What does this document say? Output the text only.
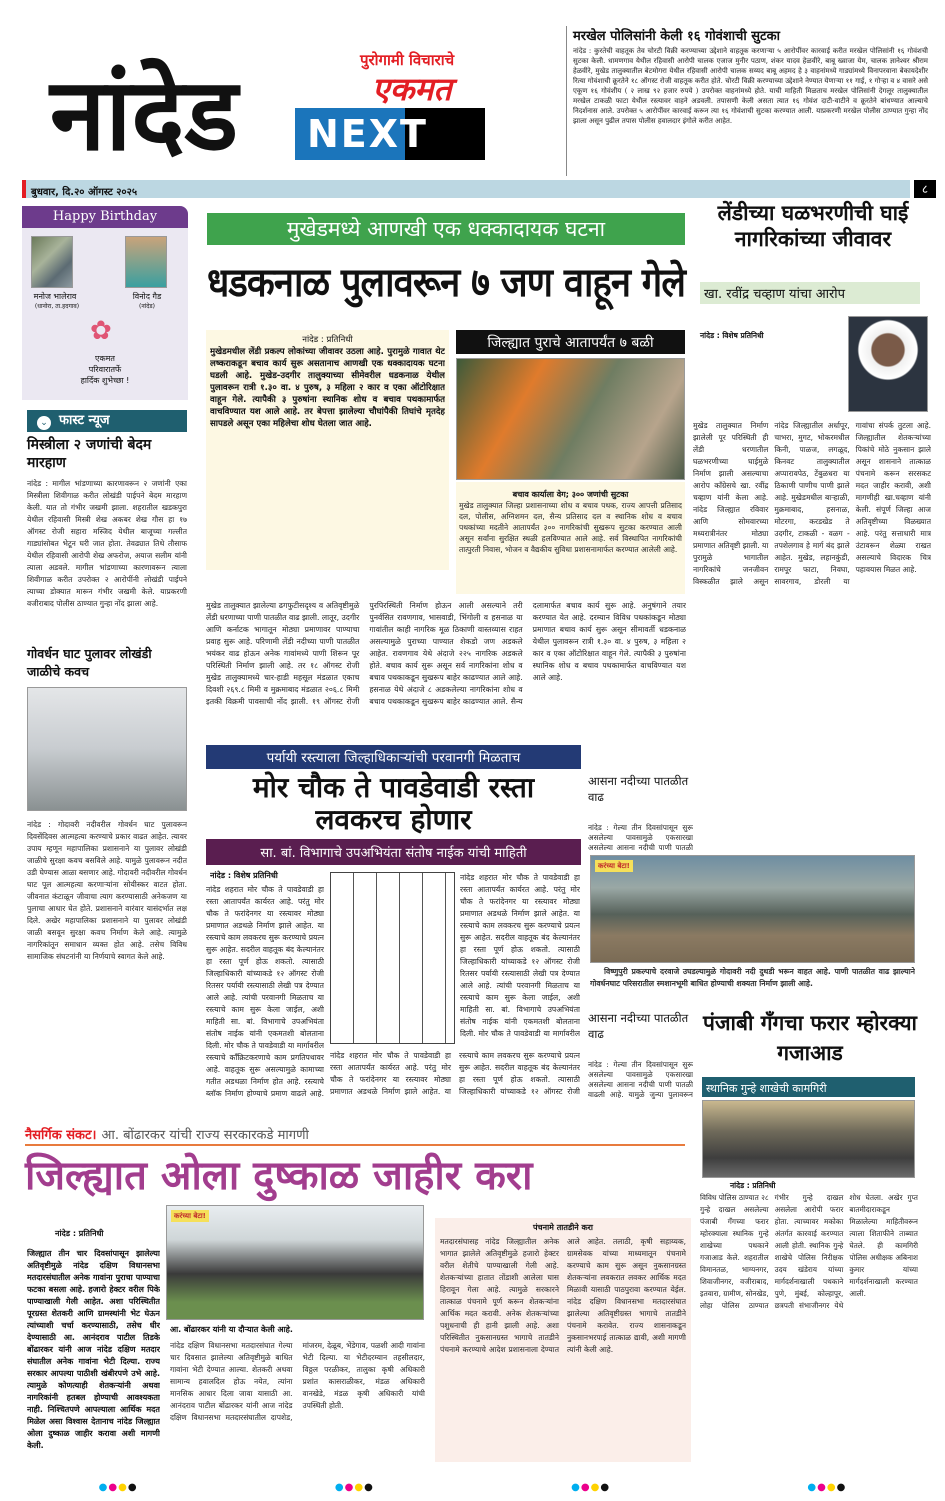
नांदेड	पुरोगामी विचाराचे
एकमत
NEXT
मरखेल पोलिसांनी केली १६ गोवंशाची सुटका
नांदेड : कुरतेची वाहतूक तेव चोरटी विक्री करण्याच्या उद्देशाने वाहतूक करणाऱ्या ५ आरोपींवर कारवाई करीत मरखेल पोलिसांनी १६ गोवंशची सुटका केली. धामणगाव येथील रहिवासी आरोपी चालक एजाज मुनीर पठाण, शंकर यादव हेळवीरे, बाबू ख्वाजा येम, चालक ज्ञानेश्वर श्रीराम हेळवीरे, मुखेड तालुक्यातील बेटमोगरा येथील रहिवासी आरोपी चालक सय्यद बाबू अहमद हे ३ वाहनांमध्ये गाड्यांमध्ये विनापरवाना बेकायदेशीर रित्या गोवंशाची क्रूरतेने १८ ऑगस्ट रोजी वाहतूक करीत होते. चोरटी विक्री करण्याच्या उद्देशाने नेण्यात येणाऱ्या ११ गाई, १ गोऱ्हा व ४ वासरे असे एकूण १६ गोवंशीय ( २ लाख ९२ हजार रुपये ) उपरोक्त वाहनांमध्ये होते. याची माहिती मिळताच मरखेल पोलिसांनी देगलूर तालुक्यातील मरखेल टाकळी फाटा येथील रस्त्यावर वाहने अडवली. तपासणी केली असता त्यात १६ गोवंश दाटी-वाटीने व क्रूरतेने बांधण्यात आल्याचे निदर्शनास आले. उपरोक्त ५ आरोपींवर कारवाई करून त्या १६ गोवंशाची सुटका करण्यात आली. याप्रकरणी मरखेल पोलीस ठाण्यात गुन्हा नोंद झाला असून पुढील तपास पोलीस हवालदार इंगोले करीत आहेत.
बुधवार, दि.२० ऑगस्ट २०२५	८
Happy Birthday
मनोज भालेराव
(धानोरा, ता.हदगाव)
विनोद गैड
(नांदेड)
✿
एकमत
परिवारातर्फे
हार्दिक शुभेच्छा !
⌄ $^{फास्ट न्यूज}$
मिस्त्रीला २ जणांची बेदम मारहाण
नांदेड : मागील भांडणाच्या कारणावरून २ जणांनी एका मिस्त्रीला शिवीगाळ करीत लोखंडी पाईपने बेदम मारहाण केली. यात तो गंभीर जखमी झाला. शहरातील खडकपुरा येथील रहिवासी मिस्त्री शेख अकबर शेख गौस हा १७ ऑगस्ट रोजी सहारा मस्जिद येथील बाजूच्या गल्लीत गाड्यांसोबत भेटून घरी जात होता. तेवढ्यात तिथे तौसाफ येथील रहिवासी आरोपी शेख अफरोज, अयाज सलीम यांनी त्याला अडवले. मागील भांडणाच्या कारणावरून त्याला शिवीगाळ करीत उपरोक्त २ आरोपींनी लोखंडी पाईपने त्याच्या डोक्यात मारून गंभीर जखमी केले. याप्रकरणी वजीराबाद पोलीस ठाण्यात गुन्हा नोंद झाला आहे.
गोवर्धन घाट पुलावर लोखंडी जाळीचे कवच
नांदेड : गोदावरी नदीवरील गोवर्धन घाट पुलावरून दिवसेंदिवस आत्महत्या करण्याचे प्रकार वाढत आहेत. त्यावर उपाय म्हणून महापालिका प्रशासनाने या पुलावर लोखंडी जाळीचे सुरक्षा कवच बसविले आहे. यामुळे पुलावरून नदीत उडी घेण्यास आळा बसणार आहे. गोदावरी नदीवरील गोवर्धन घाट पूल आत्महत्या करणाऱ्यांना सोयीस्कर वाटत होता. जीवनात कंटाळून जीवाचा त्याग करण्यासाठी अनेकजण या पुलाचा आधार घेत होते. प्रशासनाने वारंवार यासंदर्भात लक्ष दिले. अखेर महापालिका प्रशासनाने या पुलावर लोखंडी जाळी बसवून सुरक्षा कवच निर्माण केले आहे. त्यामुळे नागरिकांतून समाधान व्यक्त होत आहे. तसेच विविध सामाजिक संघटनांनी या निर्णयाचे स्वागत केले आहे.
मुखेडमध्ये आणखी एक धक्कादायक घटना
धडकनाळ पुलावरून ७ जण वाहून गेले
नांदेड : प्रतिनिधी
मुखेडमधील लेंडी प्रकल्प लोकांच्या जीवावर उठला आहे. पुरामुळे गावात थेट लष्कराकडून बचाव कार्य सुरू असतानाच आणखी एक धक्कादायक घटना घडली आहे. मुखेड-उदगीर तालुक्याच्या सीमेवरील धडकनाळ येथील पुलावरून रात्री १.३० वा. ४ पुरुष, ३ महिला २ कार व एका ऑटोरिक्षात वाहून गेले. त्यापैकी ३ पुरुषांना स्थानिक शोध व बचाव पथकामार्फत वाचविण्यात यश आले आहे. तर बेपत्ता झालेल्या चौघांपैकी तिघांचे मृतदेह सापडले असून एका महिलेचा शोध घेतला जात आहे.
जिल्ह्यात पुराचे आतापर्यंत ७ बळी
बचाव कार्याला वेग; ३०० जणांची सुटका
मुखेड तालुक्यात जिल्हा प्रशासनाच्या शोध व बचाव पथक, राज्य आपत्ती प्रतिसाद दल, पोलीस, अग्निशमन दल, सैन्य प्रतिसाद दल व स्थानिक शोध व बचाव पथकांच्या मदतीने आतापर्यंत ३०० नागरिकांची सुखरूप सुटका करण्यात आली असून सर्वांना सुरक्षित स्थळी हलविण्यात आले आहे. सर्व विस्थापित नागरिकांची तात्पुरती निवास, भोजन व वैद्यकीय सुविधा प्रशासनामार्फत करण्यात आलेली आहे.
मुखेड तालुक्यात झालेल्या ढगफुटीसदृश्य व अतिवृष्टीमुळे लेंडी धरणाच्या पाणी पातळीत वाढ झाली. लातूर, उदगीर आणि कर्नाटक भागातून मोठ्या प्रमाणावर पाण्याचा प्रवाह सुरू आहे. परिणामी लेंडी नदीच्या पाणी पातळीत भयंकर वाढ होऊन अनेक गावांमध्ये पाणी शिरून पूर परिस्थिती निर्माण झाली आहे. तर १८ ऑगस्ट रोजी मुखेड तालुक्यामध्ये चार-हाडी महसूल मंडळात एकाच दिवशी २६९.८ मिमी व मुक्रमाबाद मंडळात २०६.८ मिमी इतकी विक्रमी पावसाची नोंद झाली. १९ ऑगस्ट रोजी पुरपिरस्थिती निर्माण होऊन आली असल्याने तरी पुनर्वसित रावणगाव, भासवाडी, भिंगोली व हसनाळ या गावांतील काही नागरिक मूळ ठिकाणी वास्तव्यास राहत असल्यामुळे पुराच्या पाण्यात शेकडो जण अडकले आहेत. रावणगाव येथे अंदाजे २२५ नागरिक अडकले होते. बचाव कार्य सुरू असून सर्व नागरिकांना शोध व बचाव पथकाकडून सुखरूप बाहेर काढण्यात आले आहे. हसनाळ येथे अंदाजे ८ अडकलेल्या नागरिकांना शोध व बचाव पथकाकडून सुखरूप बाहेर काढण्यात आले. सैन्य दलामार्फत बचाव कार्य सुरू आहे. अनुषंगाने तयार करण्यात येत आहे. दरम्यान विविध पथकांकडून मोठ्या प्रमाणात बचाव कार्य सुरू असून सीमावर्ती धडकनाळ येथील पुलावरून रात्री १.३० वा. ४ पुरुष, ३ महिला २ कार व एका ऑटोरिक्षात वाहून गेले. त्यापैकी ३ पुरुषांना स्थानिक शोध व बचाव पथकामार्फत वाचविण्यात यश आले आहे.
पर्यायी रस्त्याला जिल्हाधिकाऱ्यांची परवानगी मिळताच
मोर चौक ते पावडेवाडी रस्ता लवकरच होणार
सा. बां. विभागाचे उपअभियंता संतोष नाईक यांची माहिती
नांदेड : विशेष प्रतिनिधी
नांदेड शहरात मोर चौक ते पावडेवाडी हा रस्ता आतापर्यंत कार्यरत आहे. परंतु मोर चौक ते फरांदेनगर या रस्त्यावर मोठ्या प्रमाणात अडथळे निर्माण झाले आहेत. या रस्त्याचे काम लवकरच सुरू करण्याचे प्रयत्न सुरू आहेत. सदरील वाहतूक बंद केल्यानंतर हा रस्ता पूर्ण होऊ शकतो. त्यासाठी जिल्हाधिकारी यांच्याकडे १२ ऑगस्ट रोजी रितसर पर्यायी रस्त्यासाठी लेखी पत्र देण्यात आले आहे. त्यांची परवानगी मिळताच या रस्त्याचे काम सुरू केला जाईल, अशी माहिती सा. बां. विभागाचे उपअभियंता संतोष नाईक यांनी एकमतशी बोलताना दिली. मोर चौक ते पावडेवाडी या मार्गावरील रस्त्याचे कॉंक्रिटकरणाचे काम प्रगतिपथावर आहे. वाहतूक सुरू असल्यामुळे कामाच्या गतीत अडथळा निर्माण होत आहे. रस्त्याचे ब्लॉक निर्माण होण्याचे प्रमाण वाढले आहे.
नांदेड शहरात मोर चौक ते पावडेवाडी हा रस्ता आतापर्यंत कार्यरत आहे. परंतु मोर चौक ते फरांदेनगर या रस्त्यावर मोठ्या प्रमाणात अडथळे निर्माण झाले आहेत. या रस्त्याचे काम लवकरच सुरू करण्याचे प्रयत्न सुरू आहेत. सदरील वाहतूक बंद केल्यानंतर हा रस्ता पूर्ण होऊ शकतो. त्यासाठी जिल्हाधिकारी यांच्याकडे १२ ऑगस्ट रोजी रितसर पर्यायी रस्त्यासाठी लेखी पत्र देण्यात आले आहे. त्यांची परवानगी मिळताच या रस्त्याचे काम सुरू केला जाईल, अशी माहिती सा. बां. विभागाचे उपअभियंता संतोष नाईक यांनी एकमतशी बोलताना दिली. मोर चौक ते पावडेवाडी या मार्गावरील
नांदेड शहरात मोर चौक ते पावडेवाडी हा रस्ता आतापर्यंत कार्यरत आहे. परंतु मोर चौक ते फरांदेनगर या रस्त्यावर मोठ्या प्रमाणात अडथळे निर्माण झाले आहेत. या रस्त्याचे काम लवकरच सुरू करण्याचे प्रयत्न सुरू आहेत. सदरील वाहतूक बंद केल्यानंतर हा रस्ता पूर्ण होऊ शकतो. त्यासाठी जिल्हाधिकारी यांच्याकडे १२ ऑगस्ट रोजी
लेंडीच्या घळभरणीची घाई नागरिकांच्या जीवावर
खा. रवींद्र चव्हाण यांचा आरोप
नांदेड : विशेष प्रतिनिधी
मुखेड तालुक्यात निर्माण झालेली पूर परिस्थिती ही लेंडी धरणातील घळभरणीच्या घाईमुळे निर्माण झाली असल्याचा आरोप काँग्रेसचे खा. रवींद्र चव्हाण यांनी केला आहे. नांदेड जिल्ह्यात रविवार आणि सोमवारच्या मध्यरात्रीनंतर मोठ्या प्रमाणात अतिवृष्टी झाली. या पुरामुळे भागातील नागरिकांचे जनजीवन विस्कळीत झाले असून नांदेड जिल्ह्यातील अर्धापूर, चाभरा, मुगट, भोकरमधील किनी, पाळज, लगळूद, किनवट तालुक्यातील अप्पारावपेठ, टेंबुळधरा या ठिकाणी पाणीच पाणी झाले आहे. मुखेडमधील बाऱ्हाळी, मुक्रमाबाद, हसनाळ, मोटरगा, करडखेड ते उदगीर, टाकळी - वळग - तपशेलगाव हे मार्ग बंद झाले आहेत. मुखेड, लहानकुंडी, रामपूर फाटा, निवघा, सावरगाव, डोरली या गावांचा संपर्क तुटला आहे. जिल्ह्यातील शेतकऱ्यांच्या पिकांचे मोठे नुकसान झाले असून शासनाने तात्काळ पंचनामे करून सरसकट मदत जाहीर करावी, अशी मागणीही खा.चव्हाण यांनी केली. संपूर्ण जिल्हा आज अतिवृष्टीच्या विळख्यात आहे. परंतु सत्ताधारी मात्र उंटावरून शेळ्या राखत असल्याचे विदारक चित्र पहावयास मिळत आहे.
आसना नदीच्या पातळीत वाढ
नांदेड : गेल्या तीन दिवसांपासून सुरू असलेल्या पावसामुळे एकसारखा असलेल्या आसना नदीची पाणी पातळी
करंच्या बेटा!
विष्णुपुरी प्रकल्पाचे दरवाजे उघडल्यामुळे गोदावरी नदी दुथडी भरून वाहत आहे. पाणी पातळीत वाढ झाल्याने गोवर्धनघाट परिसरातील स्मशानभूमी बाधित होण्याची शक्यता निर्माण झाली आहे.
आसना नदीच्या पातळीत वाढ
नांदेड : गेल्या तीन दिवसांपासून सुरू असलेल्या पावसामुळे एकसारखा असलेल्या आसना नदीची पाणी पातळी वाढली आहे. यामुळे जुन्या पुलावरून
पंजाबी गँगचा फरार म्होरक्या गजाआड
स्थानिक गुन्हे शाखेची कामगिरी
नांदेड : प्रतिनिधी
विविध पोलिस ठाण्यात २८ गुन्हे दाखल असलेल्या पंजाबी गँगच्या फरार म्होरक्याला स्थानिक गुन्हे शाखेच्या पथकाने गजाआड केले. शहरातील विमानतळ, भाग्यनगर, शिवाजीनगर, वजीराबाद, इतवारा, ग्रामीण, सोनखेड, लोहा पोलिस ठाण्यात गंभीर गुन्हे दाखल असलेला आरोपी फरार होता. त्याच्यावर मकोका अंतर्गत कारवाई करण्यात आली होती. स्थानिक गुन्हे शाखेचे पोलिस निरीक्षक उदय खंडेराय यांच्या मार्गदर्शनाखाली पथकाने पुणे, मुंबई, कोल्हापूर, छत्रपती संभाजीनगर येथे शोध घेतला. अखेर गुप्त बातमीदाराकडून मिळालेल्या माहितीवरून त्याला शिताफीने ताब्यात घेतले. ही कामगिरी पोलिस अधीक्षक अबिनाश कुमार यांच्या मार्गदर्शनाखाली करण्यात आली.
नैसर्गिक संकट। आ. बोंढारकर यांची राज्य सरकारकडे मागणी
जिल्ह्यात ओला दुष्काळ जाहीर करा
नांदेड : प्रतिनिधी
जिल्ह्यात तीन चार दिवसांपासून झालेल्या अतिवृष्टीमुळे नांदेड दक्षिण विधानसभा मतदारसंघातील अनेक गावांना पुराचा पाण्याचा फटका बसला आहे. हजारो हेक्टर वरील पिके पाण्याखाली गेली आहेत. अशा परिस्थितीत पूरग्रस्त शेतकरी आणि ग्रामस्थांनी भेट घेऊन त्यांच्याशी चर्चा करण्यासाठी, तसेच धीर देण्यासाठी आ. आनंदराव पाटील तिडके बोंढारकर यांनी आज नांदेड दक्षिण मतदार संघातील अनेक गावांना भेटी दिल्या. राज्य सरकार आपल्या पाठीशी खंबीरपणे उभे आहे. त्यामुळे कोणत्याही शेतकऱ्यांनी अथवा नागरिकांनी हतबल होण्याची आवश्यकता नाही. निश्चितपणे आपल्याला आर्थिक मदत मिळेल असा विश्वास देतानाच नांदेड जिल्ह्यात ओला दुष्काळ जाहीर करावा अशी मागणी केली.
करंच्या बेटा!
आ. बोंढारकर यांनी या दौऱ्यात केली आहे.
नांदेड दक्षिण विधानसभा मतदारसंघात गेल्या चार दिवसात झालेल्या अतिवृष्टीमुळे बाधित गावांना भेटी देण्यात आल्या. शेतकरी अथवा सामान्य हवालदिल होऊ नयेत, त्यांना मानसिक आधार दिला जावा यासाठी आ. आनंदराव पाटील बोंढारकर यांनी आज नांदेड दक्षिण विधानसभा मतदारसंघातील दापशेड, मांजरम, देळूब, भेंडेगाव, पळशी आदी गावांना भेटी दिल्या. या भेटीदरम्यान तहसीलदार, विठ्ठल परळीकर, तालुका कृषी अधिकारी प्रशांत कासराळीकर, मंडळ अधिकारी वानखेडे, मंडळ कृषी अधिकारी यांची उपस्थिती होती.
पंचनामे तातडीने करा
मतदारसंघासह नांदेड जिल्ह्यातील अनेक भागात झालेले अतिवृष्टीमुळे हजारो हेक्टर वरील शेतीचे पाण्याखाली गेली आहे. शेतकऱ्यांच्या हातात तोंडाशी आलेला घास हिरावून गेला आहे. त्यामुळे सरकारने तात्काळ पंचनामे पूर्ण करून शेतकऱ्यांना आर्थिक मदत करावी. अनेक शेतकऱ्यांच्या पशुधनाची ही हानी झाली आहे. अशा परिस्थितीत नुकसानग्रस्त भागाचे तातडीने पंचनामे करण्याचे आदेश प्रशासनाला देण्यात आले आहेत. तलाठी, कृषी सहाय्यक, ग्रामसेवक यांच्या माध्यमातून पंचनामे करण्याचे काम सुरू असून नुकसानग्रस्त शेतकऱ्यांना लवकरात लवकर आर्थिक मदत मिळावी यासाठी पाठपुरावा करण्यात येईल. नांदेड दक्षिण विधानसभा मतदारसंघात झालेल्या अतिवृष्टीग्रस्त भागाचे तातडीने पंचनामे करावेत. राज्य शासनाकडून नुकसानभरपाई तात्काळ द्यावी, अशी मागणी त्यांनी केली आहे.
●●●●	●●●●	●●●●	●●●●
